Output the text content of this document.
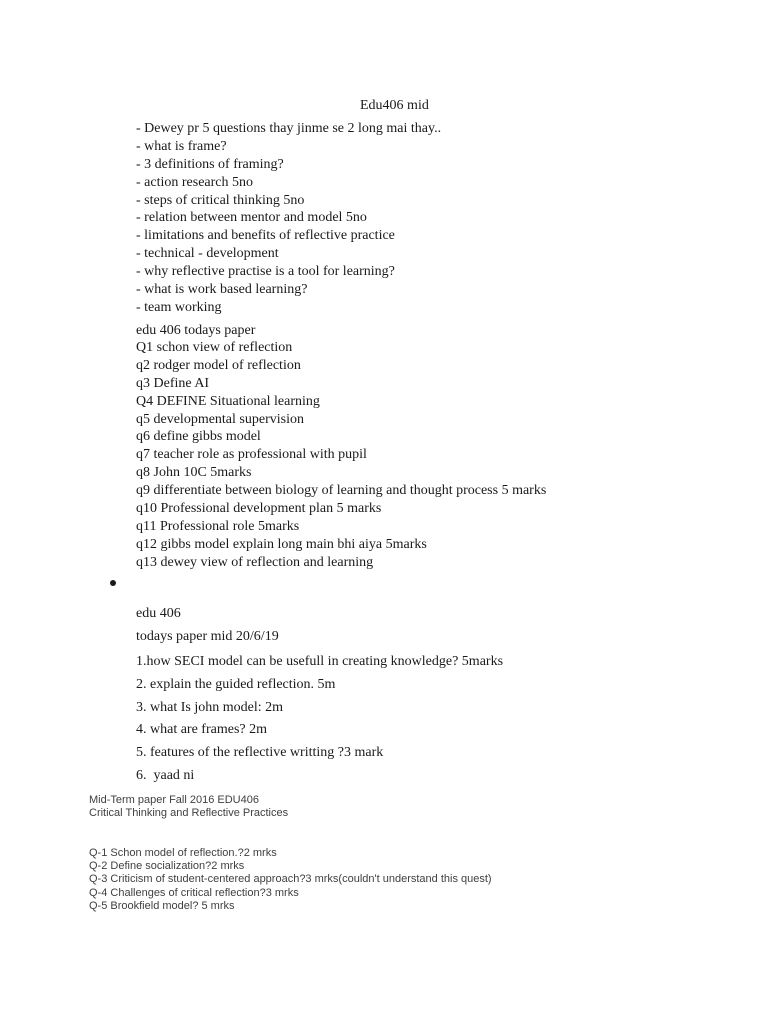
Edu406 mid
- Dewey pr 5 questions thay jinme se 2 long mai thay..
- what is frame?
- 3 definitions of framing?
- action research 5no
- steps of critical thinking 5no
- relation between mentor and model 5no
- limitations and benefits of reflective practice
- technical - development
- why reflective practise is a tool for learning?
- what is work based learning?
- team working
edu 406 todays paper
Q1 schon view of reflection
q2 rodger model of reflection
q3 Define AI
Q4 DEFINE Situational learning
q5 developmental supervision
q6 define gibbs model
q7 teacher role as professional with pupil
q8 John 10C 5marks
q9 differentiate between biology of learning and thought process 5 marks
q10 Professional development plan 5 marks
q11 Professional role 5marks
q12 gibbs model explain long main bhi aiya 5marks
q13 dewey view of reflection and learning
edu 406
todays paper mid 20/6/19
1.how SECI model can be usefull in creating knowledge? 5marks
2. explain the guided reflection. 5m
3. what Is john model: 2m
4. what are frames? 2m
5. features of the reflective writting ?3 mark
6.  yaad ni
Mid-Term paper Fall 2016 EDU406
Critical Thinking and Reflective Practices
Q-1 Schon model of reflection.?2 mrks
Q-2 Define socialization?2 mrks
Q-3 Criticism of student-centered approach?3 mrks(couldn't understand this quest)
Q-4 Challenges of critical reflection?3 mrks
Q-5 Brookfield model? 5 mrks
